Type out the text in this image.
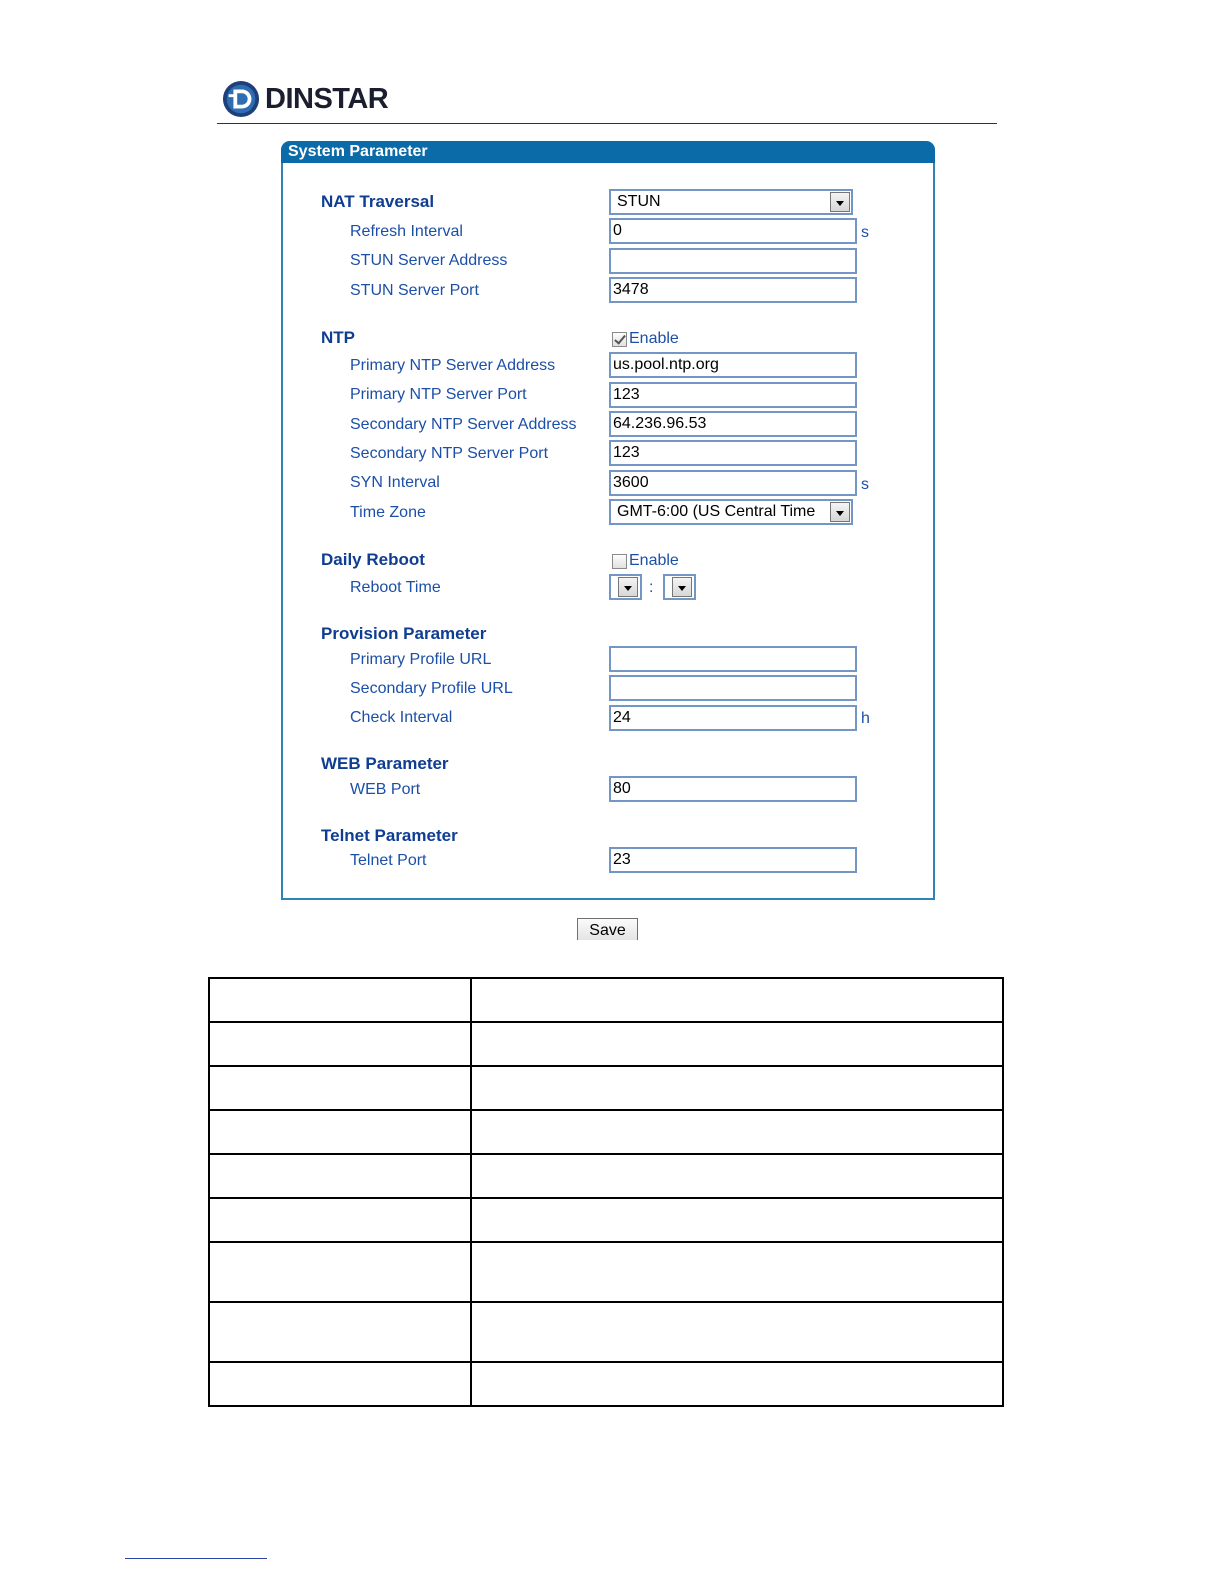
DINSTAR
System Parameter
NAT Traversal	STUN
Refresh Interval	0	s
STUN Server Address
STUN Server Port	3478
NTP	Enable
Primary NTP Server Address	us.pool.ntp.org
Primary NTP Server Port	123
Secondary NTP Server Address 64.236.96.53
Secondary NTP Server Port	123
SYN Interval	3600	s
Time Zone	GMT-6:00 (US Central Time
Daily Reboot	Enable
Reboot Time	:
Provision Parameter
Primary Profile URL
Secondary Profile URL
Check Interval	24	h
WEB Parameter
WEB Port	80
Telnet Parameter
Telnet Port	23
Save
